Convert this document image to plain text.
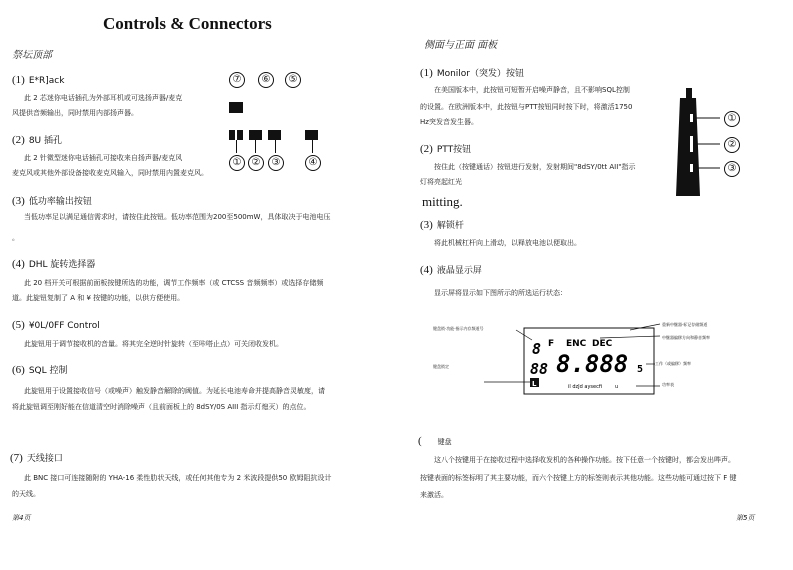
Controls & Connectors
祭坛顶部
(1) E*R]ack
此 2 芯迷你电话插孔为外部耳机或可选扬声器/麦克
风提供音频输出，同时禁用内部扬声器。
(2) 8U 插孔
此 2 针微型迷你电话插孔可接收来自扬声器/麦克风
麦克风或其他外部设备接收麦克风输入，同时禁用内置麦克风。
(3) 低功率输出按钮
当低功率足以满足通信需求时，请按住此按钮。低功率范围为200至500mW，具体取决于电池电压
。
(4) DHL 旋转选择器
此 20 档开关可根据前面板按键所选的功能，调节工作频率（或 CTCSS 音频频率）或选择存储频
道。此旋钮复制了 A 和 ¥ 按键的功能，以供方便使用。
(5) ¥0L/0FF Control
此旋钮用于调节接收机的音量。将其完全逆时针旋转（至咔嗒止点）可关闭收发机。
(6) SQL 控制
此旋钮用于设置接收信号（或噪声）触发静音解除的阈值。为延长电池寿命并提高静音灵敏度，请
将此旋钮调至刚好能在信道清空时消除噪声（且前面板上的 8dSY/0S AIII 指示灯熄灭）的点位。
(7) 天线接口
此 BNC 接口可连接随附的 YHA-16 柔性肋状天线，或任何其他专为 2 米波段提供50 欧姆阻抗设计
的天线。
第4页
⑦	⑥	⑤
①	②	③	④
侧面与正面 面板
(1) Monilor（突发）按钮
在美国版本中，此按钮可短暂开启噪声静音，且不影响SQL控制
的设置。在欧洲版本中，此按钮与PTT按钮同时按下时，将激活1750
Hz突发音发生器。
(2) PTT按钮
按住此（按键通话）按钮进行发射，发射期间"8dSY/0tt AII"指示
灯将亮起红光
mitting.
(3) 解锁杆
将此机械杠杆向上滑动，以释放电池以便取出。
(4) 液晶显示屏
显示屏将显示如下图所示的所选运行状态：
①
②
③
键盘锁·功能·指示内存频道号
重新中继器·标记存储频道
中继器偏移方向和静音频率
键盘锁定
工作（或偏移）频率
功率表
8 F ENC DEC
88 8.888 5
L	il dzJd aysecfi	u
( 键盘
这八个按键用于在接收过程中选择收发机的各种操作功能。按下任意一个按键时，都会发出哔声。
按键表面的标签标明了其主要功能，而六个按键上方的标签则表示其他功能。这些功能可通过按下 F 键
来激活。
第5页
